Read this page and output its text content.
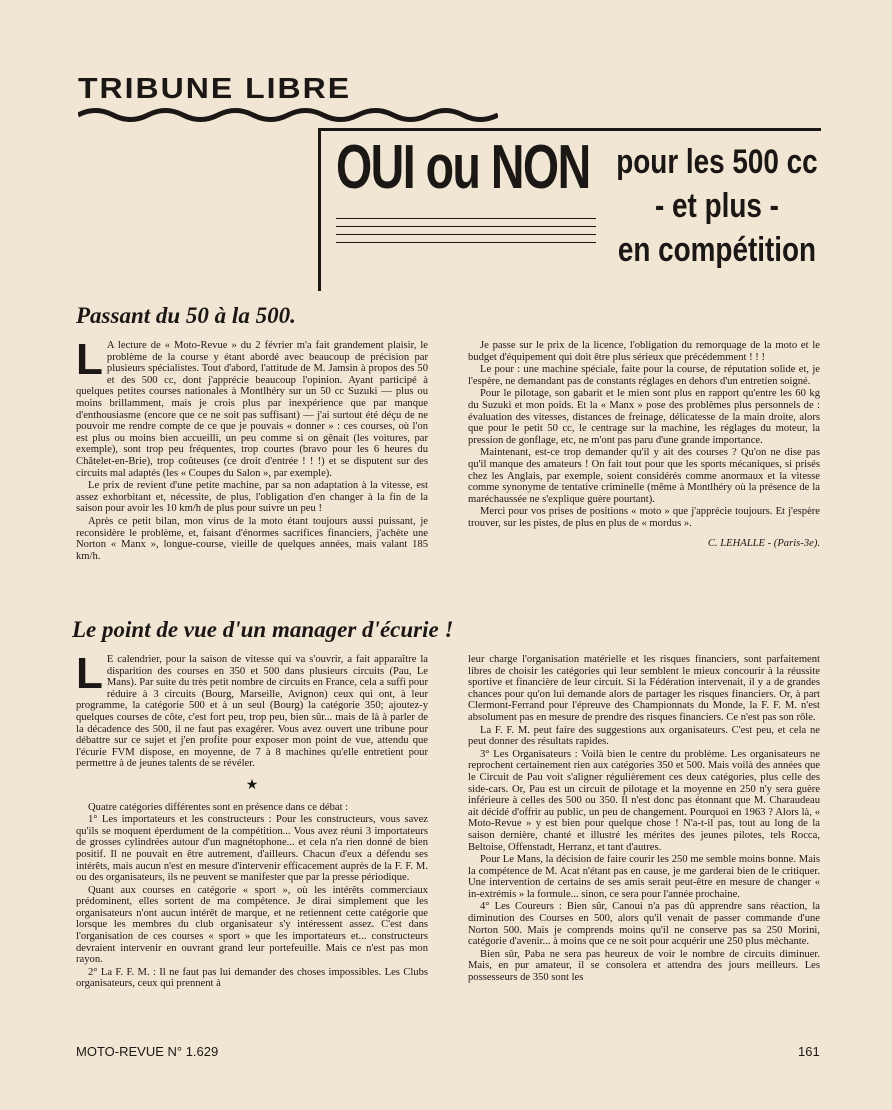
TRIBUNE LIBRE
OUI ou NON pour les 500 cc
- et plus -
en compétition
Passant du 50 à la 500.

L A lecture de « Moto-Revue » du 2 février m'a fait grandement plaisir, le problème de la course y étant abordé avec beaucoup de précision par plusieurs spécialistes. Tout d'abord, l'attitude de M. Jamsin à propos des 50 et des 500 cc, dont j'apprécie beaucoup l'opinion. Ayant participé à quelques petites courses nationales à Montlhéry sur un 50 cc Suzuki — plus ou moins brillamment, mais je crois plus par inexpérience que par manque d'enthousiasme (encore que ce ne soit pas suffisant) — j'ai surtout été déçu de ne pouvoir me rendre compte de ce que je pouvais « donner » : ces courses, où l'on est plus ou moins bien accueilli, un peu comme si on gênait (les voitures, par exemple), sont trop peu fréquentes, trop courtes (bravo pour les 6 heures du Châtelet-en-Brie), trop coûteuses (ce droit d'entrée ! ! !) et se disputent sur des circuits mal adaptés (les « Coupes du Salon », par exemple).

Le prix de revient d'une petite machine, par sa non adaptation à la vitesse, est assez exhorbitant et, nécessite, de plus, l'obligation d'en changer à la fin de la saison pour avoir les 10 km/h de plus pour suivre un peu !

Après ce petit bilan, mon virus de la moto étant toujours aussi puissant, je reconsidère le problème, et, faisant d'énormes sacrifices financiers, j'achète une Norton « Manx », longue-course, vieille de quelques années, mais valant 185 km/h.

Je passe sur le prix de la licence, l'obligation du remorquage de la moto et le budget d'équipement qui doit être plus sérieux que précédemment ! ! !

Le pour : une machine spéciale, faite pour la course, de réputation solide et, je l'espère, ne demandant pas de constants réglages en dehors d'un entretien soigné.

Pour le pilotage, son gabarit et le mien sont plus en rapport qu'entre les 60 kg du Suzuki et mon poids. Et la « Manx » pose des problèmes plus personnels de : évaluation des vitesses, distances de freinage, délicatesse de la main droite, alors que pour le petit 50 cc, le centrage sur la machine, les réglages du moteur, la pression de gonflage, etc, ne m'ont pas paru d'une grande importance.

Maintenant, est-ce trop demander qu'il y ait des courses ? Qu'on ne dise pas qu'il manque des amateurs ! On fait tout pour que les sports mécaniques, si prisés chez les Anglais, par exemple, soient considérés comme anormaux et la vitesse comme synonyme de tentative criminelle (même à Montlhéry où la présence de la maréchaussée ne s'explique guère pourtant).

Merci pour vos prises de positions « moto » que j'apprécie toujours. Et j'espère trouver, sur les pistes, de plus en plus de « mordus ».

C. LEHALLE - (Paris-3e).
Le point de vue d'un manager d'écurie !

L E calendrier, pour la saison de vitesse qui va s'ouvrir, a fait apparaître la disparition des courses en 350 et 500 dans plusieurs circuits (Pau, Le Mans). Par suite du très petit nombre de circuits en France, cela a suffi pour réduire à 3 circuits (Bourg, Marseille, Avignon) ceux qui ont, à leur programme, la catégorie 500 et à un seul (Bourg) la catégorie 350; ajoutez-y quelques courses de côte, c'est fort peu, trop peu, bien sûr... mais de là à parler de la décadence des 500, il ne faut pas exagérer. Vous avez ouvert une tribune pour débattre sur ce sujet et j'en profite pour exposer mon point de vue, attendu que l'écurie FVM dispose, en moyenne, de 7 à 8 machines qu'elle entretient pour permettre à de jeunes talents de se révéler.

★

Quatre catégories différentes sont en présence dans ce débat :

1° Les importateurs et les constructeurs : Pour les constructeurs, vous savez qu'ils se moquent éperdument de la compétition... Vous avez réuni 3 importateurs de grosses cylindrées autour d'un magnétophone... et cela n'a rien donné de bien positif. Il ne pouvait en être autrement, d'ailleurs. Chacun d'eux a défendu ses intérêts, mais aucun n'est en mesure d'intervenir efficacement auprès de la F. F. M. ou des organisateurs, ils ne peuvent se manifester que par la presse périodique.

Quant aux courses en catégorie « sport », où les intérêts commerciaux prédominent, elles sortent de ma compétence. Je dirai simplement que les organisateurs n'ont aucun intérêt de marque, et ne retiennent cette catégorie que lorsque les membres du club organisateur s'y intéressent assez. C'est dans l'organisation de ces courses « sport » que les importateurs et... constructeurs devraient intervenir en ouvrant grand leur portefeuille. Mais ce n'est pas mon rayon.

2° La F. F. M. : Il ne faut pas lui demander des choses impossibles. Les Clubs organisateurs, ceux qui prennent à

leur charge l'organisation matérielle et les risques financiers, sont parfaitement libres de choisir les catégories qui leur semblent le mieux concourir à la réussite sportive et financière de leur circuit. Si la Fédération intervenait, il y a de grandes chances pour qu'on lui demande alors de partager les risques financiers. Or, à part Clermont-Ferrand pour l'épreuve des Championnats du Monde, la F. F. M. n'est absolument pas en mesure de prendre des risques financiers. Ce n'est pas son rôle.

La F. F. M. peut faire des suggestions aux organisateurs. C'est peu, et cela ne peut donner des résultats rapides.

3° Les Organisateurs : Voilà bien le centre du problème. Les organisateurs ne reprochent certainement rien aux catégories 350 et 500. Mais voilà des années que le Circuit de Pau voit s'aligner régulièrement ces deux catégories, plus celle des side-cars. Or, Pau est un circuit de pilotage et la moyenne en 250 n'y sera guère inférieure à celles des 500 ou 350. Il n'est donc pas étonnant que M. Charaudeau ait décidé d'offrir au public, un peu de changement. Pourquoi en 1963 ? Alors là, « Moto-Revue » y est bien pour quelque chose ! N'a-t-il pas, tout au long de la saison dernière, chanté et illustré les mérites des jeunes pilotes, tels Rocca, Beltoise, Offenstadt, Herranz, et tant d'autres.

Pour Le Mans, la décision de faire courir les 250 me semble moins bonne. Mais la compétence de M. Acat n'étant pas en cause, je me garderai bien de le critiquer. Une intervention de certains de ses amis serait peut-être en mesure de changer « in-extrémis » la formule... sinon, ce sera pour l'année prochaine.

4° Les Coureurs : Bien sûr, Canoui n'a pas dû apprendre sans réaction, la diminution des Courses en 500, alors qu'il venait de passer commande d'une Norton 500. Mais je comprends moins qu'il ne conserve pas sa 250 Morini, catégorie d'avenir... à moins que ce ne soit pour acquérir une 250 plus méchante.

Bien sûr, Paba ne sera pas heureux de voir le nombre de circuits diminuer. Mais, en pur amateur, il se consolera et attendra des jours meilleurs. Les possesseurs de 350 sont les

MOTO-REVUE N° 1.629	161
